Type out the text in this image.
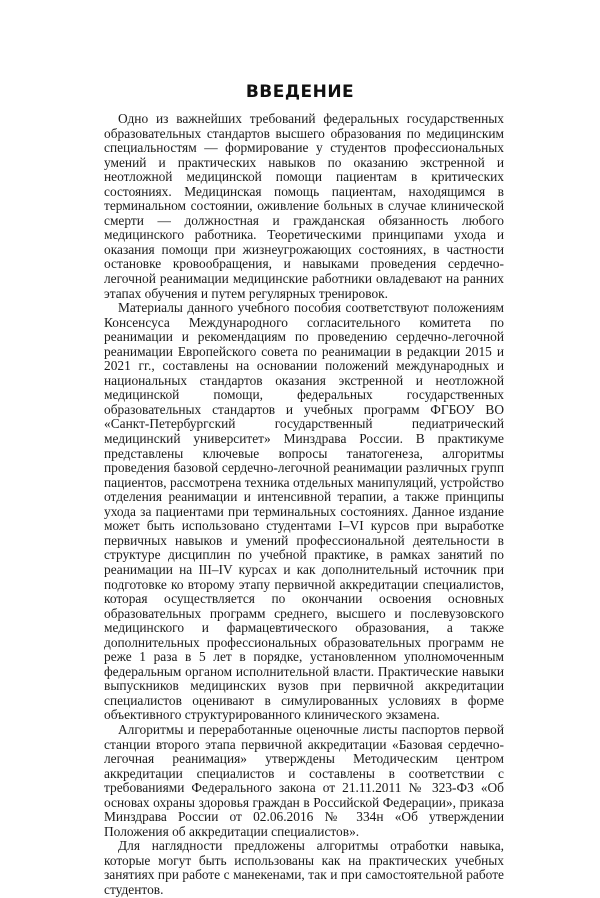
ВВЕДЕНИЕ

Одно из важнейших требований федеральных государственных образовательных стандартов высшего образования по медицинским специальностям — формирование у студентов профессиональных умений и практических навыков по оказанию экстренной и неотложной медицинской помощи пациентам в критических состояниях. Медицинская помощь пациентам, находящимся в терминальном состоянии, оживление больных в случае клинической смерти — должностная и гражданская обязанность любого медицинского работника. Теоретическими принципами ухода и оказания помощи при жизнеугрожающих состояниях, в частности остановке кровообращения, и навыками проведения сердечно-легочной реанимации медицинские работники овладевают на ранних этапах обучения и путем регулярных тренировок.

Материалы данного учебного пособия соответствуют положениям Консенсуса Международного согласительного комитета по реанимации и рекомендациям по проведению сердечно-легочной реанимации Европейского совета по реанимации в редакции 2015 и 2021 гг., составлены на основании положений международных и национальных стандартов оказания экстренной и неотложной медицинской помощи, федеральных государственных образовательных стандартов и учебных программ ФГБОУ ВО «Санкт-Петербургский государственный педиатрический медицинский университет» Минздрава России. В практикуме представлены ключевые вопросы танатогенеза, алгоритмы проведения базовой сердечно-легочной реанимации различных групп пациентов, рассмотрена техника отдельных манипуляций, устройство отделения реанимации и интенсивной терапии, а также принципы ухода за пациентами при терминальных состояниях. Данное издание может быть использовано студентами I–VI курсов при выработке первичных навыков и умений профессиональной деятельности в структуре дисциплин по учебной практике, в рамках занятий по реанимации на III–IV курсах и как дополнительный источник при подготовке ко второму этапу первичной аккредитации специалистов, которая осуществляется по окончании освоения основных образовательных программ среднего, высшего и послевузовского медицинского и фармацевтического образования, а также дополнительных профессиональных образовательных программ не реже 1 раза в 5 лет в порядке, установленном уполномоченным федеральным органом исполнительной власти. Практические навыки выпускников медицинских вузов при первичной аккредитации специалистов оценивают в симулированных условиях в форме объективного структурированного клинического экзамена.

Алгоритмы и переработанные оценочные листы паспортов первой станции второго этапа первичной аккредитации «Базовая сердечно-легочная реанимация» утверждены Методическим центром аккредитации специалистов и составлены в соответствии с требованиями Федерального закона от 21.11.2011 № 323-ФЗ «Об основах охраны здоровья граждан в Российской Федерации», приказа Минздрава России от 02.06.2016 № 334н «Об утверждении Положения об аккредитации специалистов».

Для наглядности предложены алгоритмы отработки навыка, которые могут быть использованы как на практических учебных занятиях при работе с манекенами, так и при самостоятельной работе студентов.
